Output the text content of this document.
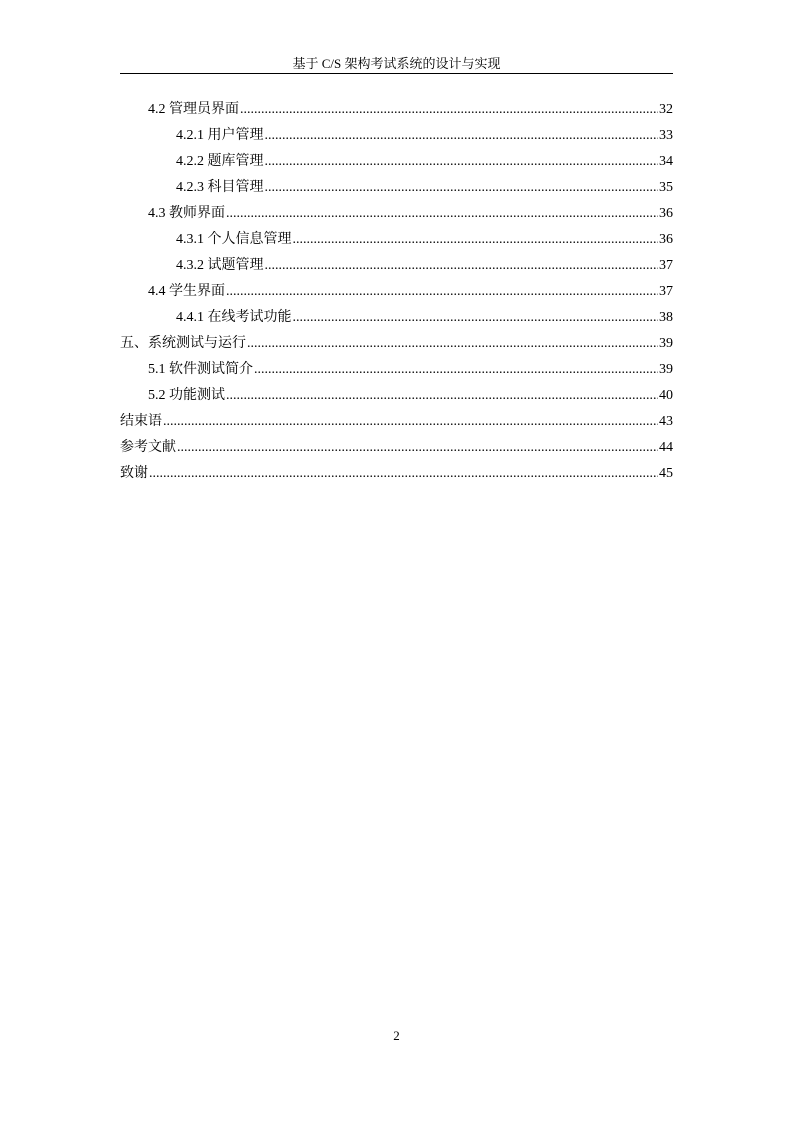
基于 C/S 架构考试系统的设计与实现
4.2 管理员界面 .....	32
4.2.1 用户管理 .....	33
4.2.2 题库管理 .....	34
4.2.3 科目管理 .....	35
4.3 教师界面 .....	36
4.3.1 个人信息管理 .....	36
4.3.2 试题管理 .....	37
4.4 学生界面 .....	37
4.4.1 在线考试功能 .....	38
五、系统测试与运行 .....	39
5.1 软件测试简介 .....	39
5.2 功能测试 .....	40
结束语 .....	43
参考文献 .....	44
致谢 .....	45
2
